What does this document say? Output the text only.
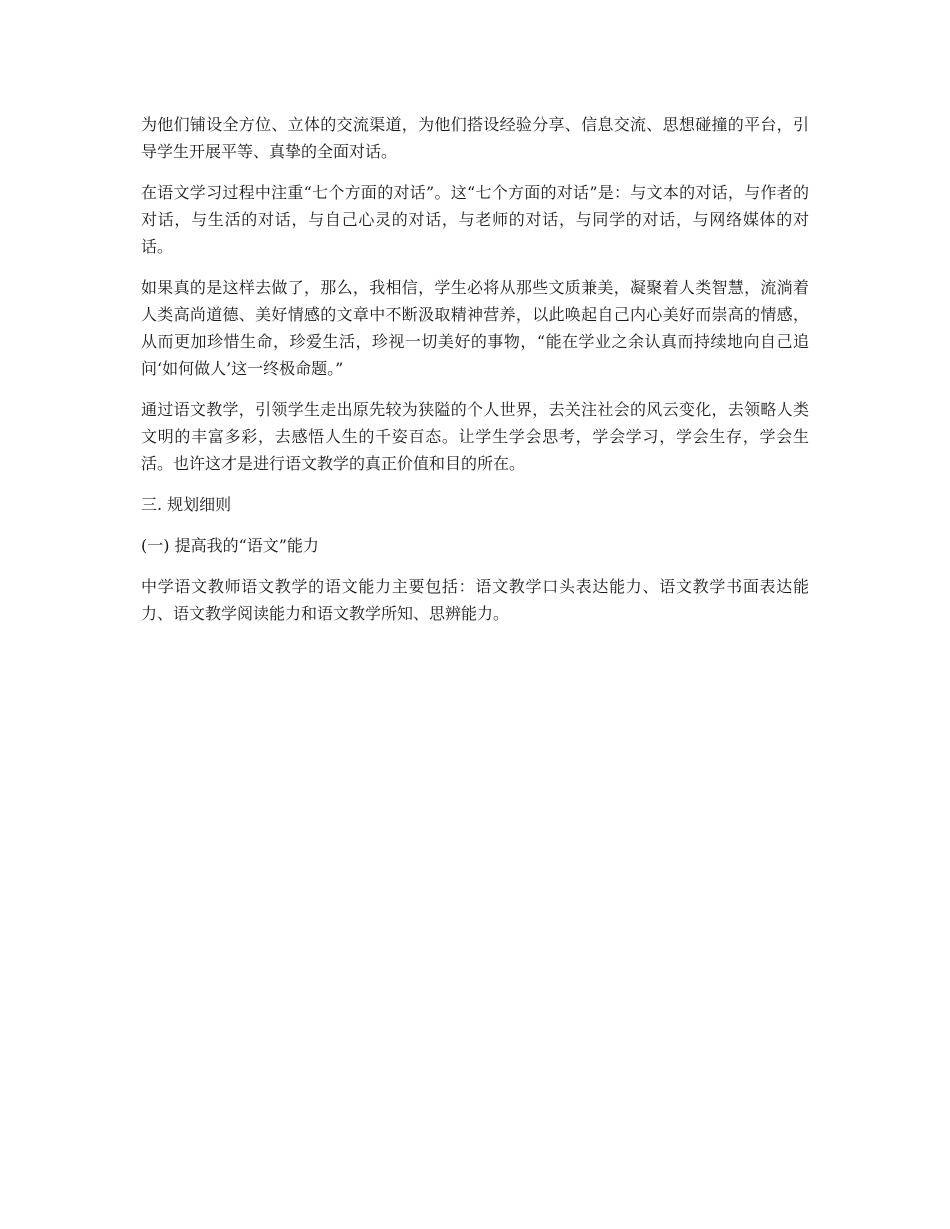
为他们铺设全方位、立体的交流渠道，为他们搭设经验分享、信息交流、思想碰撞的平台，引导学生开展平等、真挚的全面对话。

在语文学习过程中注重“七个方面的对话”。这“七个方面的对话”是：与文本的对话，与作者的对话，与生活的对话，与自己心灵的对话，与老师的对话，与同学的对话，与网络媒体的对话。

如果真的是这样去做了，那么，我相信，学生必将从那些文质兼美，凝聚着人类智慧，流淌着人类高尚道德、美好情感的文章中不断汲取精神营养，以此唤起自己内心美好而崇高的情感，从而更加珍惜生命，珍爱生活，珍视一切美好的事物，“能在学业之余认真而持续地向自己追问‘如何做人’这一终极命题。”

通过语文教学，引领学生走出原先较为狭隘的个人世界，去关注社会的风云变化，去领略人类文明的丰富多彩，去感悟人生的千姿百态。让学生学会思考，学会学习，学会生存，学会生活。也许这才是进行语文教学的真正价值和目的所在。

三. 规划细则

(一) 提高我的“语文”能力

中学语文教师语文教学的语文能力主要包括：语文教学口头表达能力、语文教学书面表达能力、语文教学阅读能力和语文教学所知、思辨能力。
